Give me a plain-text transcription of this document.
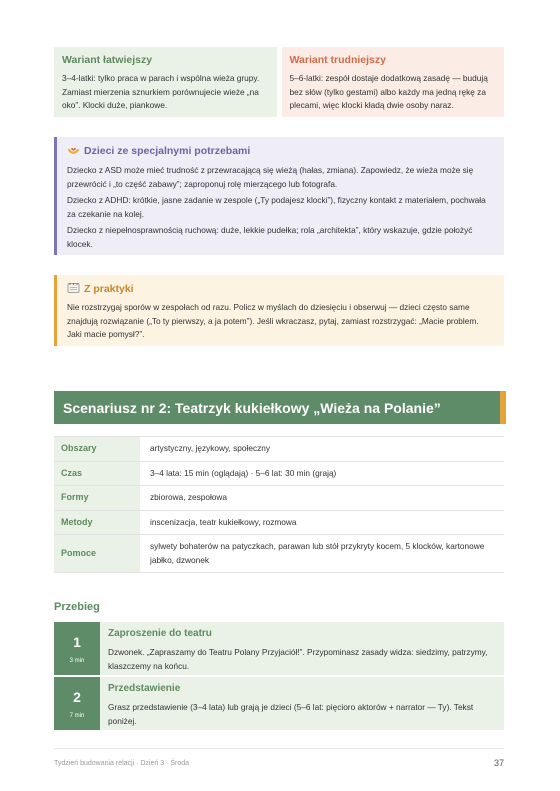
Wariant łatwiejszy
3–4-latki: tylko praca w parach i wspólna wieża grupy. Zamiast mierzenia sznurkiem porównujecie wieże „na oko”. Klocki duże, piankowe.
Wariant trudniejszy
5–6-latki: zespół dostaje dodatkową zasadę — budują bez słów (tylko gestami) albo każdy ma jedną rękę za plecami, więc klocki kładą dwie osoby naraz.
Dzieci ze specjalnymi potrzebami

Dziecko z ASD może mieć trudność z przewracającą się wieżą (hałas, zmiana). Zapowiedz, że wieża może się przewrócić i „to część zabawy”; zaproponuj rolę mierzącego lub fotografa.

Dziecko z ADHD: krótkie, jasne zadanie w zespole („Ty podajesz klocki”), fizyczny kontakt z materiałem, pochwała za czekanie na kolej.

Dziecko z niepełnosprawnością ruchową: duże, lekkie pudełka; rola „architekta”, który wskazuje, gdzie położyć klocek.

Z praktyki

Nie rozstrzygaj sporów w zespołach od razu. Policz w myślach do dziesięciu i obserwuj — dzieci często same znajdują rozwiązanie („To ty pierwszy, a ja potem”). Jeśli wkraczasz, pytaj, zamiast rozstrzygać: „Macie problem. Jaki macie pomysł?”.

Scenariusz nr 2: Teatrzyk kukiełkowy „Wieża na Polanie”
Obszary	artystyczny, językowy, społeczny
Czas	3–4 lata: 15 min (oglądają) · 5–6 lat: 30 min (grają)
Formy	zbiorowa, zespołowa
Metody	inscenizacja, teatr kukiełkowy, rozmowa
Pomoce	sylwety bohaterów na patyczkach, parawan lub stół przykryty kocem, 5 klocków, kartonowe jabłko, dzwonek
Przebieg
1
3 min
Zaproszenie do teatru
Dzwonek. „Zapraszamy do Teatru Polany Przyjaciół!”. Przypominasz zasady widza: siedzimy, patrzymy, klaszczemy na końcu.
2
7 min
Przedstawienie
Grasz przedstawienie (3–4 lata) lub grają je dzieci (5–6 lat: pięcioro aktorów + narrator — Ty). Tekst poniżej.
Tydzień budowania relacji · Dzień 3 · Środa	37
